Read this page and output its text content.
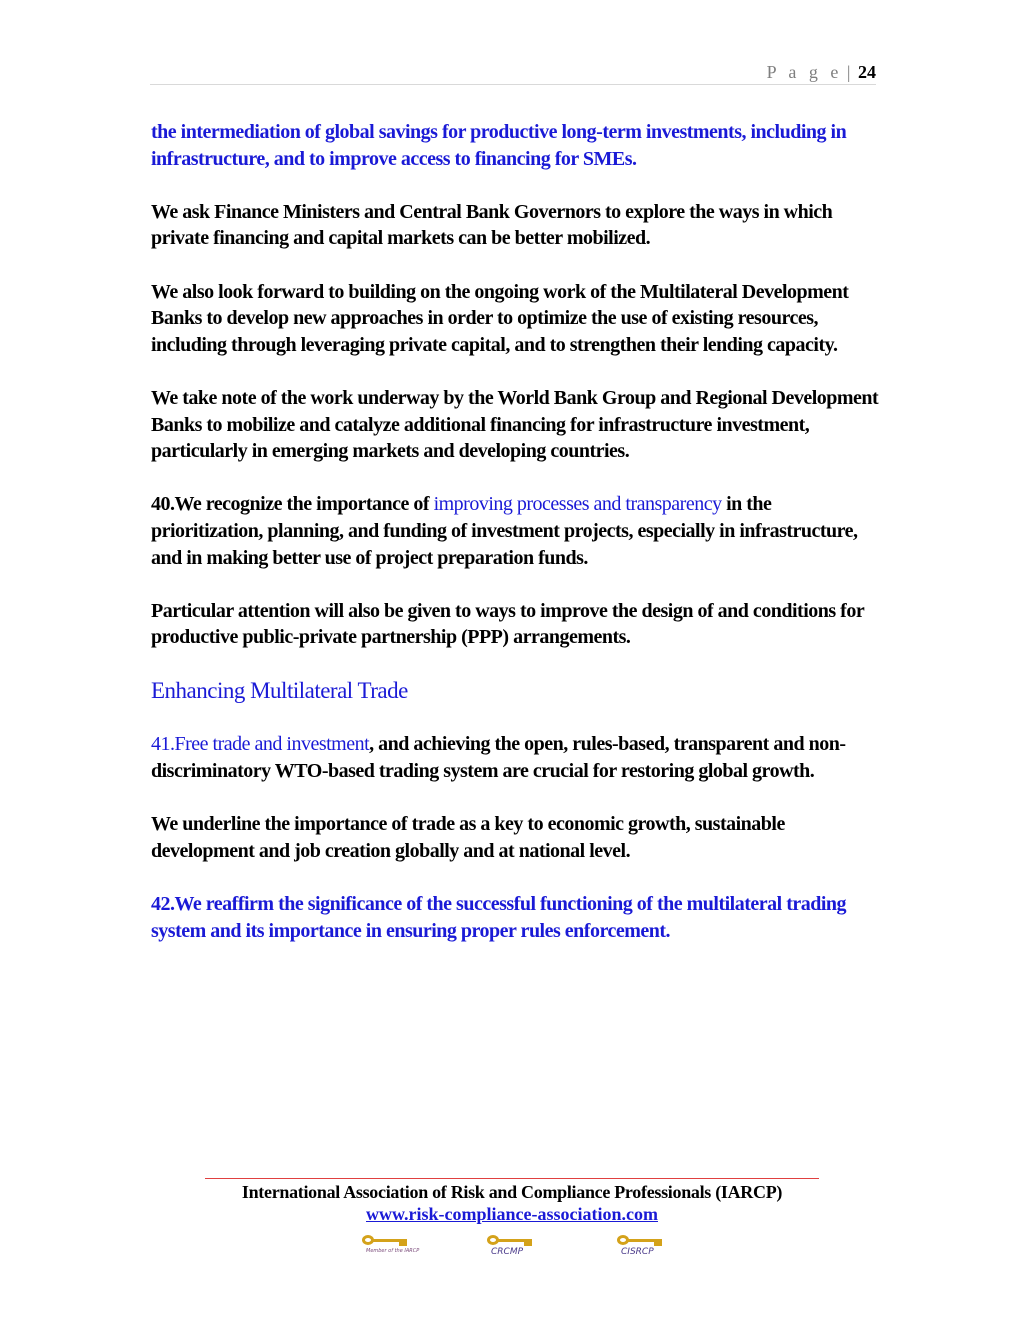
P a g e | 24

the intermediation of global savings for productive long-term investments, including in infrastructure, and to improve access to financing for SMEs.

We ask Finance Ministers and Central Bank Governors to explore the ways in which private financing and capital markets can be better mobilized.

We also look forward to building on the ongoing work of the Multilateral Development Banks to develop new approaches in order to optimize the use of existing resources, including through leveraging private capital, and to strengthen their lending capacity.

We take note of the work underway by the World Bank Group and Regional Development Banks to mobilize and catalyze additional financing for infrastructure investment, particularly in emerging markets and developing countries.

40.We recognize the importance of improving processes and transparency in the prioritization, planning, and funding of investment projects, especially in infrastructure, and in making better use of project preparation funds.

Particular attention will also be given to ways to improve the design of and conditions for productive public-private partnership (PPP) arrangements.

Enhancing Multilateral Trade

41.Free trade and investment, and achieving the open, rules-based, transparent and non-discriminatory WTO-based trading system are crucial for restoring global growth.

We underline the importance of trade as a key to economic growth, sustainable development and job creation globally and at national level.

42.We reaffirm the significance of the successful functioning of the multilateral trading system and its importance in ensuring proper rules enforcement.

International Association of Risk and Compliance Professionals (IARCP)
www.risk-compliance-association.com
Member of the IARCP	CRCMP	CISRCP
